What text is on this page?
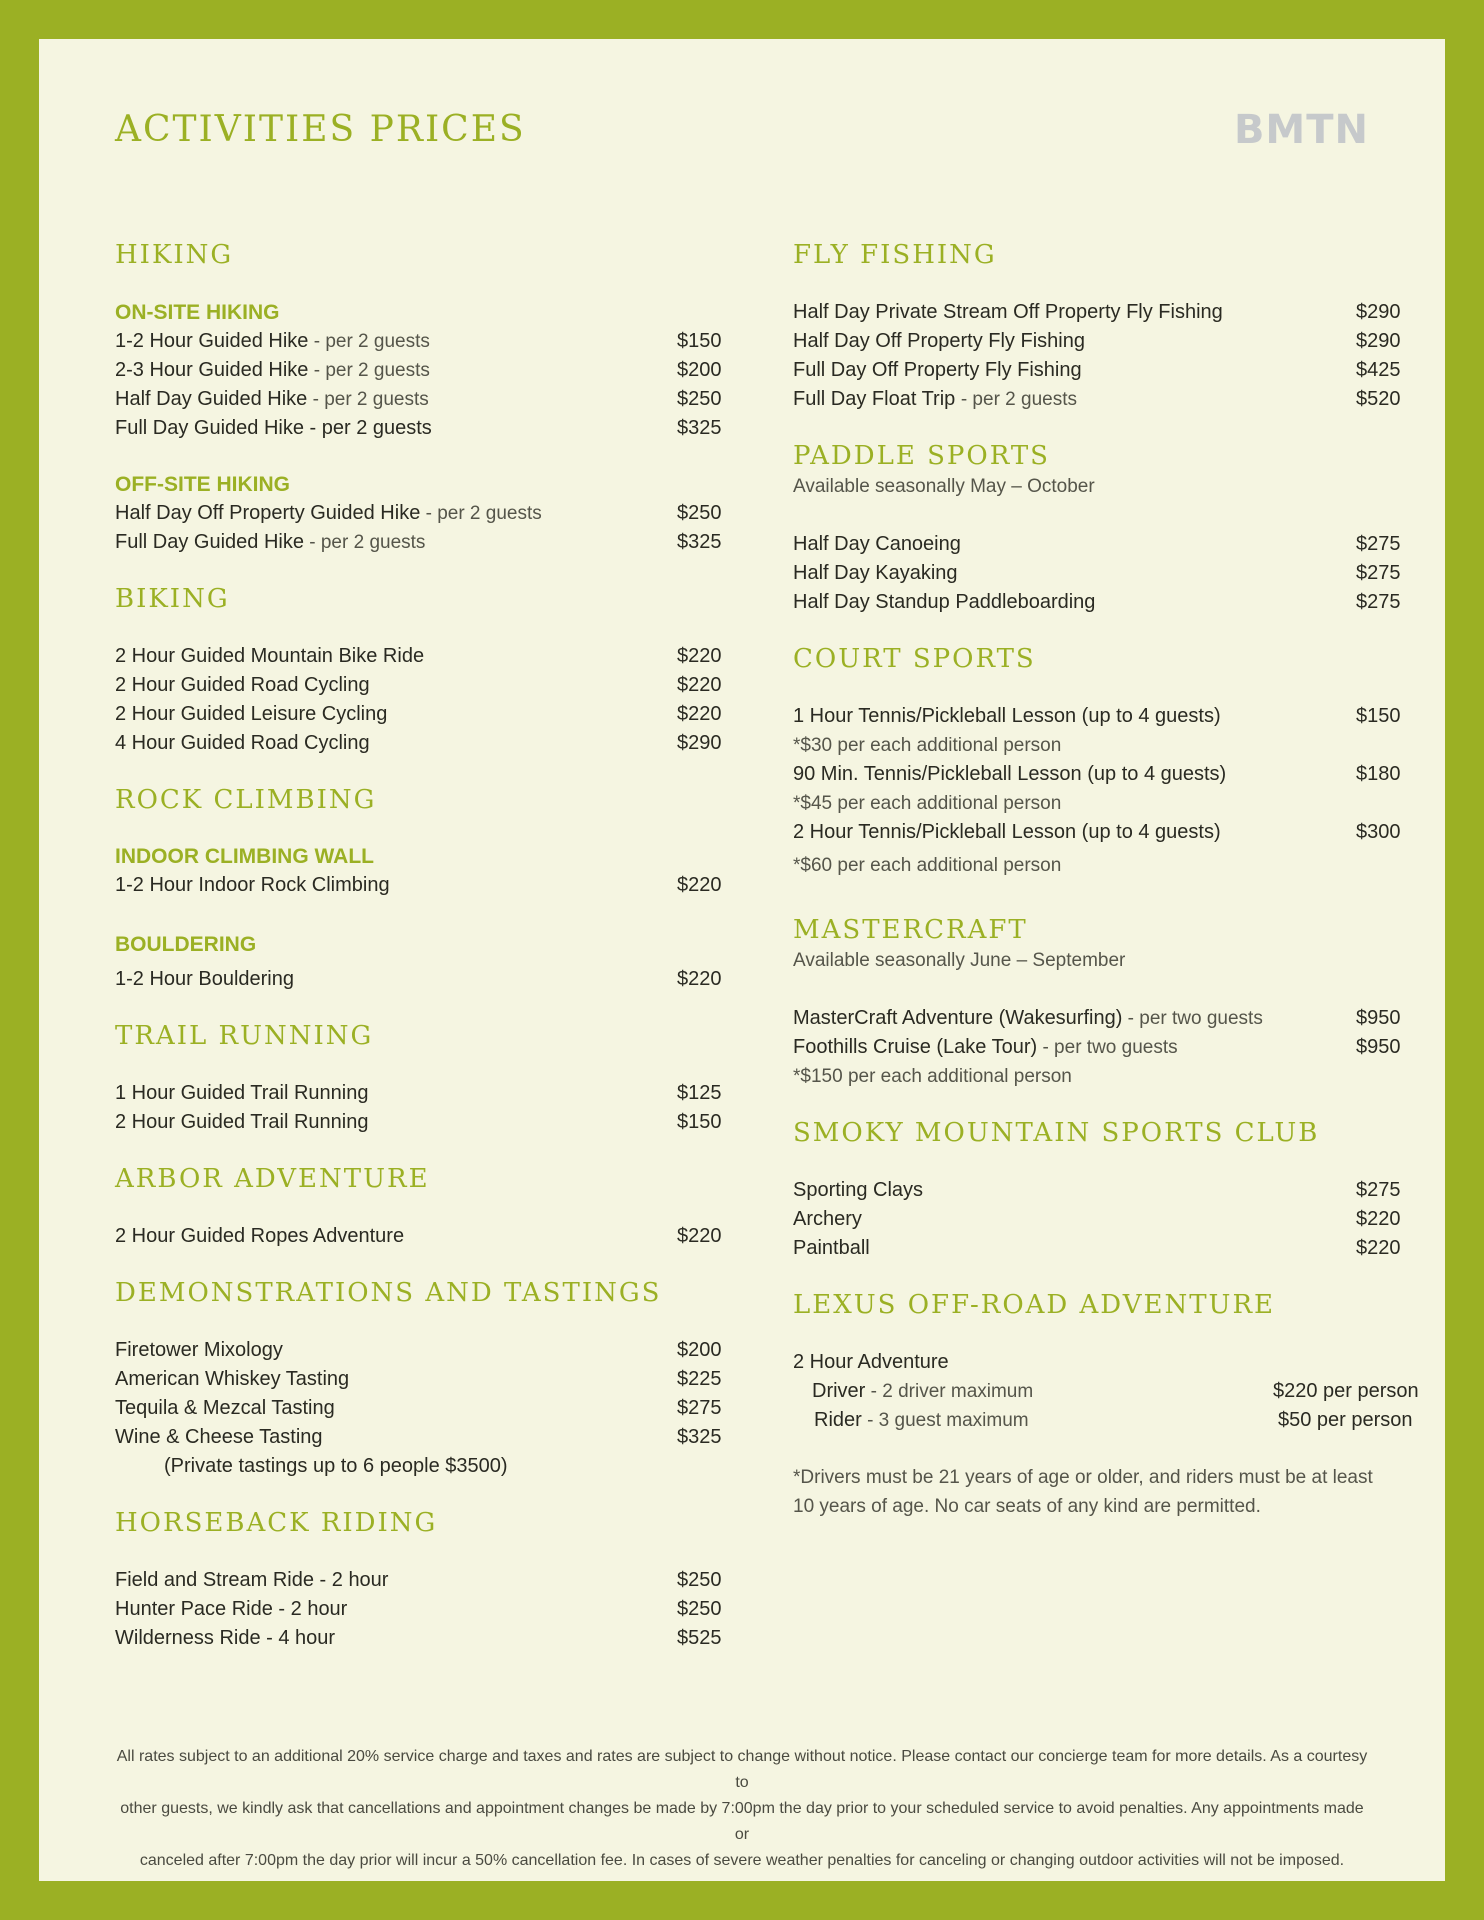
ACTIVITIES PRICES	BMTN
HIKING
ON-SITE HIKING
1-2 Hour Guided Hike - per 2 guests	$150
2-3 Hour Guided Hike - per 2 guests	$200
Half Day Guided Hike - per 2 guests	$250
Full Day Guided Hike - per 2 guests	$325
OFF-SITE HIKING
Half Day Off Property Guided Hike - per 2 guests	$250
Full Day Guided Hike - per 2 guests	$325
BIKING
2 Hour Guided Mountain Bike Ride	$220
2 Hour Guided Road Cycling	$220
2 Hour Guided Leisure Cycling	$220
4 Hour Guided Road Cycling	$290
ROCK CLIMBING
INDOOR CLIMBING WALL
1-2 Hour Indoor Rock Climbing	$220
BOULDERING
1-2 Hour Bouldering	$220
TRAIL RUNNING
1 Hour Guided Trail Running	$125
2 Hour Guided Trail Running	$150
ARBOR ADVENTURE
2 Hour Guided Ropes Adventure	$220
DEMONSTRATIONS AND TASTINGS
Firetower Mixology	$200
American Whiskey Tasting	$225
Tequila & Mezcal Tasting	$275
Wine & Cheese Tasting	$325
(Private tastings up to 6 people $3500)
HORSEBACK RIDING
Field and Stream Ride - 2 hour	$250
Hunter Pace Ride - 2 hour	$250
Wilderness Ride - 4 hour	$525
FLY FISHING
Half Day Private Stream Off Property Fly Fishing	$290
Half Day Off Property Fly Fishing	$290
Full Day Off Property Fly Fishing	$425
Full Day Float Trip - per 2 guests	$520
PADDLE SPORTS
Available seasonally May – October
Half Day Canoeing	$275
Half Day Kayaking	$275
Half Day Standup Paddleboarding	$275
COURT SPORTS
1 Hour Tennis/Pickleball Lesson (up to 4 guests)	$150
*$30 per each additional person
90 Min. Tennis/Pickleball Lesson (up to 4 guests)	$180
*$45 per each additional person
2 Hour Tennis/Pickleball Lesson (up to 4 guests)	$300
*$60 per each additional person
MASTERCRAFT
Available seasonally June – September
MasterCraft Adventure (Wakesurfing) - per two guests	$950
Foothills Cruise (Lake Tour) - per two guests	$950
*$150 per each additional person
SMOKY MOUNTAIN SPORTS CLUB
Sporting Clays	$275
Archery	$220
Paintball	$220
LEXUS OFF-ROAD ADVENTURE
2 Hour Adventure
Driver - 2 driver maximum	$220 per person
Rider - 3 guest maximum	$50 per person
*Drivers must be 21 years of age or older, and riders must be at least
10 years of age. No car seats of any kind are permitted.
All rates subject to an additional 20% service charge and taxes and rates are subject to change without notice. Please contact our concierge team for more details. As a courtesy to
other guests, we kindly ask that cancellations and appointment changes be made by 7:00pm the day prior to your scheduled service to avoid penalties. Any appointments made or
canceled after 7:00pm the day prior will incur a 50% cancellation fee. In cases of severe weather penalties for canceling or changing outdoor activities will not be imposed.
